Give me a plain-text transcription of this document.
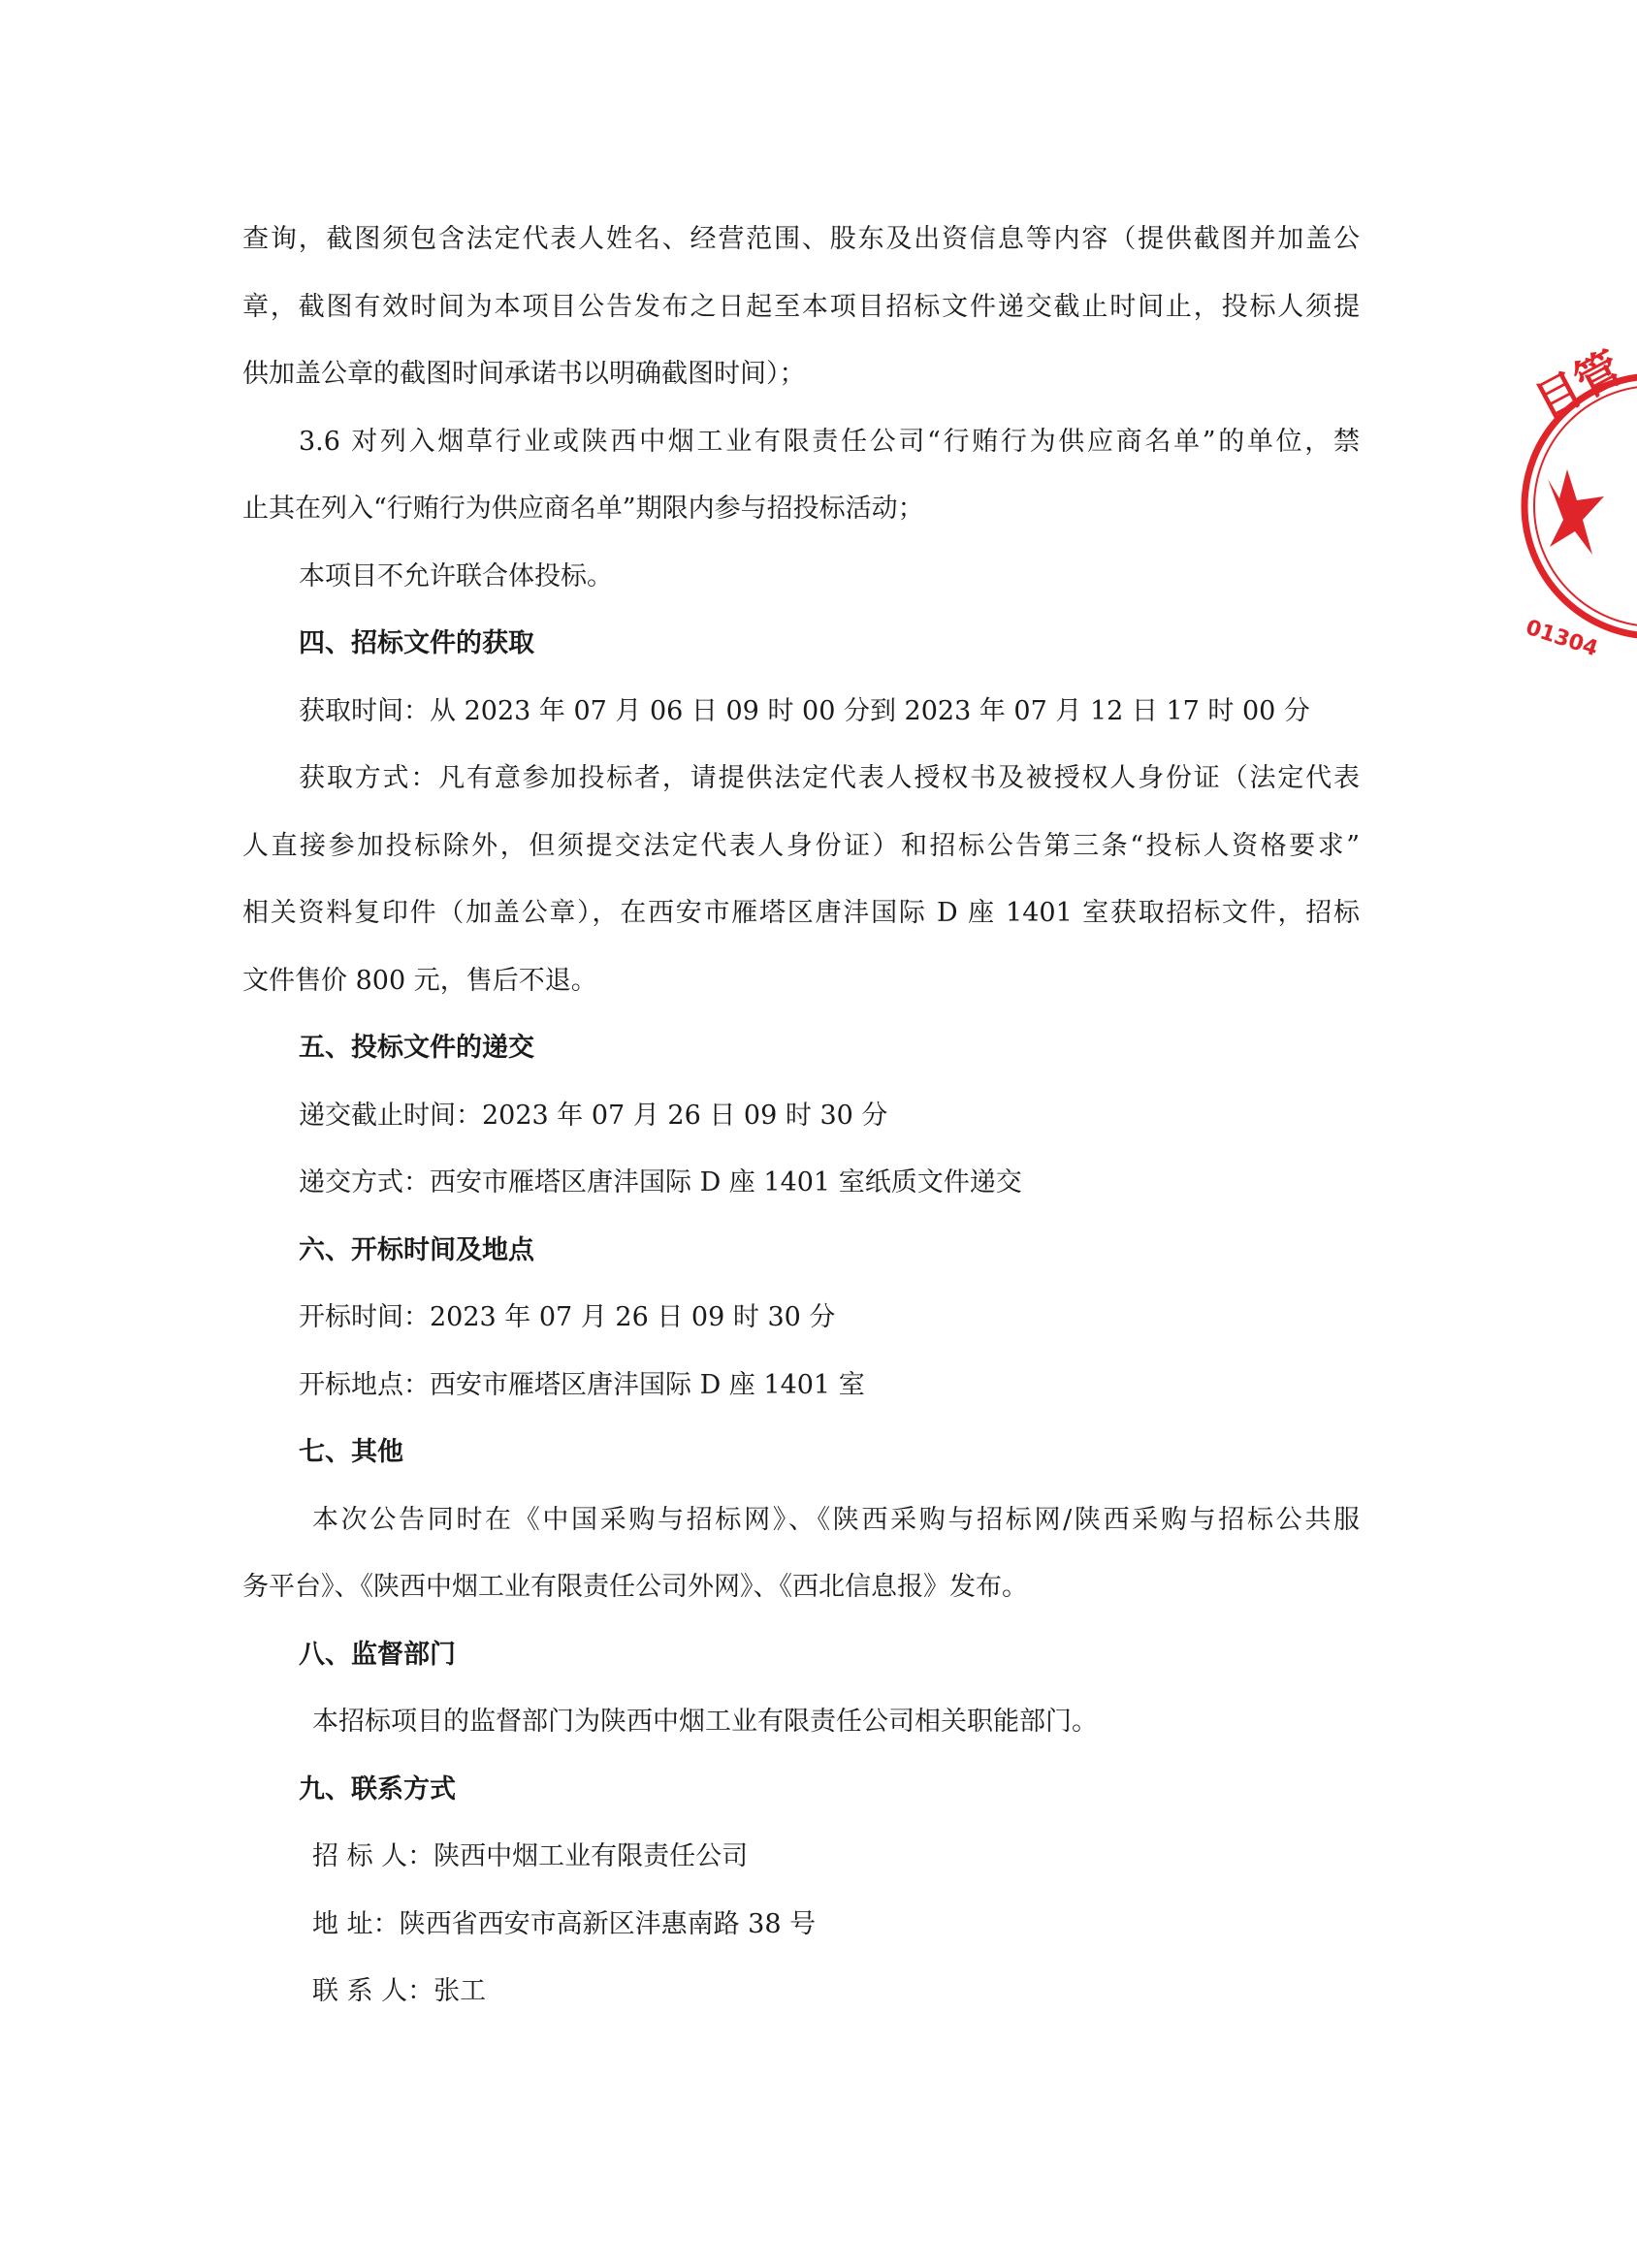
查询，截图须包含法定代表人姓名、经营范围、股东及出资信息等内容（提供截图并加盖公

章，截图有效时间为本项目公告发布之日起至本项目招标文件递交截止时间止，投标人须提

供加盖公章的截图时间承诺书以明确截图时间）；

3.6 对列入烟草行业或陕西中烟工业有限责任公司“行贿行为供应商名单”的单位，禁

止其在列入“行贿行为供应商名单”期限内参与招投标活动；

本项目不允许联合体投标。

四、招标文件的获取

获取时间：从 2023 年 07 月 06 日 09 时 00 分到 2023 年 07 月 12 日 17 时 00 分

获取方式：凡有意参加投标者，请提供法定代表人授权书及被授权人身份证（法定代表

人直接参加投标除外，但须提交法定代表人身份证）和招标公告第三条“投标人资格要求”

相关资料复印件（加盖公章），在西安市雁塔区唐沣国际 D 座 1401 室获取招标文件，招标

文件售价 800 元，售后不退。

五、投标文件的递交

递交截止时间：2023 年 07 月 26 日 09 时 30 分

递交方式：西安市雁塔区唐沣国际 D 座 1401 室纸质文件递交

六、开标时间及地点

开标时间：2023 年 07 月 26 日 09 时 30 分

开标地点：西安市雁塔区唐沣国际 D 座 1401 室

七、其他

本次公告同时在《中国采购与招标网》、《陕西采购与招标网/陕西采购与招标公共服

务平台》、《陕西中烟工业有限责任公司外网》、《西北信息报》发布。

八、监督部门

本招标项目的监督部门为陕西中烟工业有限责任公司相关职能部门。

九、联系方式

招 标 人：陕西中烟工业有限责任公司

地 址：陕西省西安市高新区沣惠南路 38 号

联 系 人：张工

目管
01304
